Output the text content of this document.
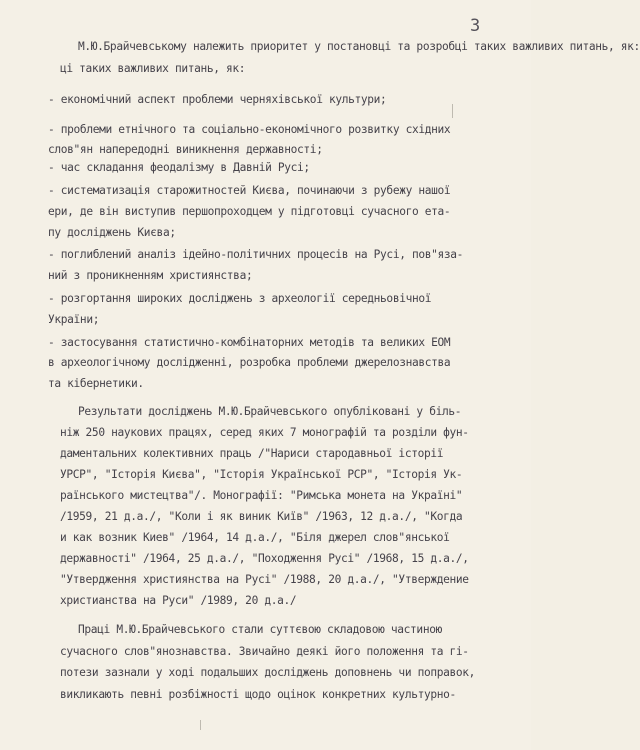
3
М.Ю.Брайчевському належить приоритет у постановці та розробці таких важливих питань, як:
ці таких важливих питань, як:
- економічний аспект проблеми черняхівської культури;
- проблеми етнічного та соціально-економічного розвитку східних
слов"ян напередодні виникнення державності;
- час складання феодалізму в Давній Русі;
- систематизація старожитностей Києва, починаючи з рубежу нашої
ери, де він виступив першопроходцем у підготовці сучасного ета-
пу досліджень Києва;
- поглиблений аналіз ідейно-політичних процесів на Русі, пов"яза-
ний з проникненням християнства;
- розгортання широких досліджень з археології середньовічної
України;
- застосування статистично-комбінаторних методів та великих ЕОМ
в археологічному дослідженні, розробка проблеми джерелознавства
та кібернетики.
Результати досліджень М.Ю.Брайчевського опубліковані у біль-
ніж 250 наукових працях, серед яких 7 монографій та розділи фун-
даментальних колективних праць /"Нариси стародавньої історії
УРСР", "Історія Києва", "Історія Української РСР", "Історія Ук-
раїнського мистецтва"/. Монографії: "Римська монета на Україні"
/1959, 21 д.а./, "Коли і як виник Київ" /1963, 12 д.а./, "Когда
и как возник Киев" /1964, 14 д.а./, "Біля джерел слов"янської
державності" /1964, 25 д.а./, "Походження Русі" /1968, 15 д.а./,
"Утвердження християнства на Русі" /1988, 20 д.а./, "Утверждение
христианства на Руси" /1989, 20 д.а./
Праці М.Ю.Брайчевського стали суттєвою складовою частиною
сучасного слов"янознавства. Звичайно деякі його положення та гі-
потези зазнали у ході подальших досліджень доповнень чи поправок,
викликають певні розбіжності щодо оцінок конкретних культурно-
